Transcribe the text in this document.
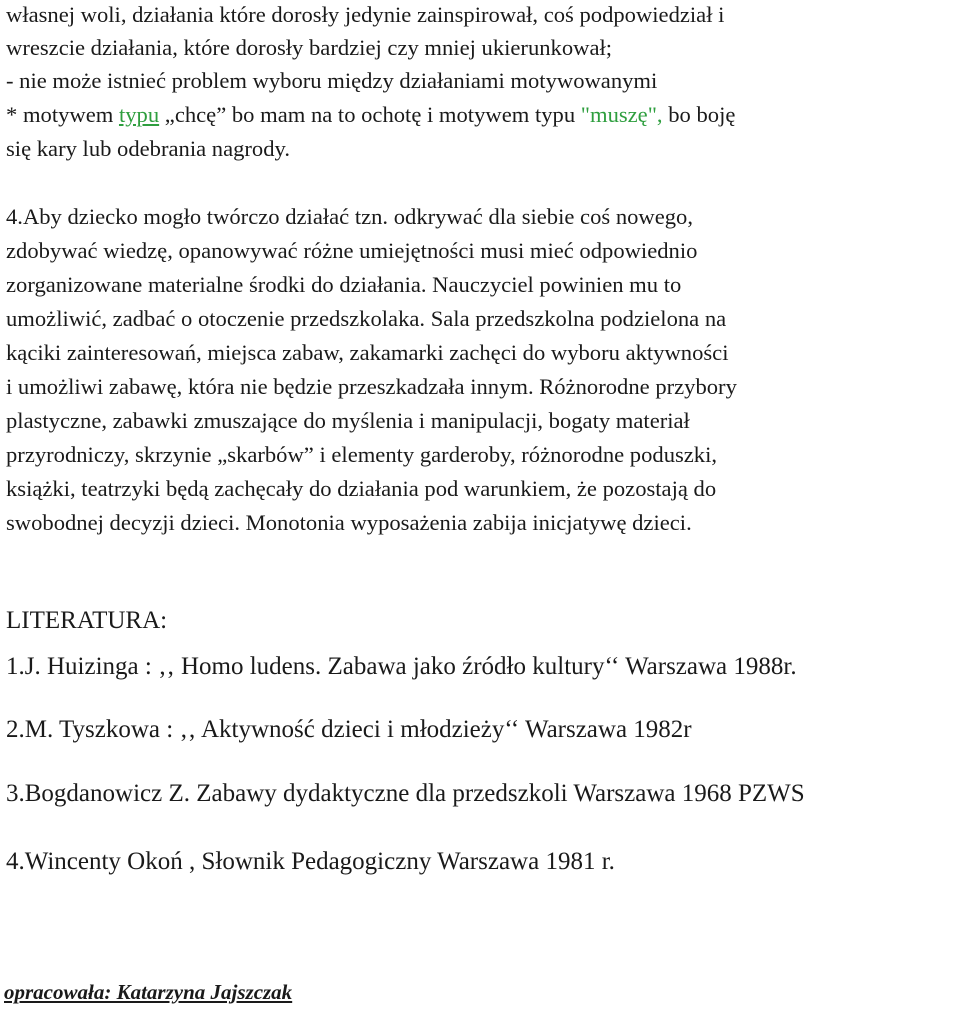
własnej woli, działania które dorosły jedynie zainspirował, coś podpowiedział i
wreszcie działania, które dorosły bardziej czy mniej ukierunkował;
- nie może istnieć problem wyboru między działaniami motywowanymi
* motywem typu „chcę” bo mam na to ochotę i motywem typu "muszę", bo boję
się kary lub odebrania nagrody.
4.Aby dziecko mogło twórczo działać tzn. odkrywać dla siebie coś nowego,
zdobywać wiedzę, opanowywać różne umiejętności musi mieć odpowiednio
zorganizowane materialne środki do działania. Nauczyciel powinien mu to
umożliwić, zadbać o otoczenie przedszkolaka. Sala przedszkolna podzielona na
kąciki zainteresowań, miejsca zabaw, zakamarki zachęci do wyboru aktywności
i umożliwi zabawę, która nie będzie przeszkadzała innym. Różnorodne przybory
plastyczne, zabawki zmuszające do myślenia i manipulacji, bogaty materiał
przyrodniczy, skrzynie „skarbów” i elementy garderoby, różnorodne poduszki,
książki, teatrzyki będą zachęcały do działania pod warunkiem, że pozostają do
swobodnej decyzji dzieci. Monotonia wyposażenia zabija inicjatywę dzieci.
LITERATURA:
1.J. Huizinga : ‚‚ Homo ludens. Zabawa jako źródło kultury‘‘ Warszawa 1988r.
2.M. Tyszkowa : ‚‚ Aktywność dzieci i młodzieży‘‘ Warszawa 1982r
3.Bogdanowicz Z. Zabawy dydaktyczne dla przedszkoli Warszawa 1968 PZWS
4.Wincenty Okoń , Słownik Pedagogiczny Warszawa 1981 r.
opracowała: Katarzyna Jajszczak
